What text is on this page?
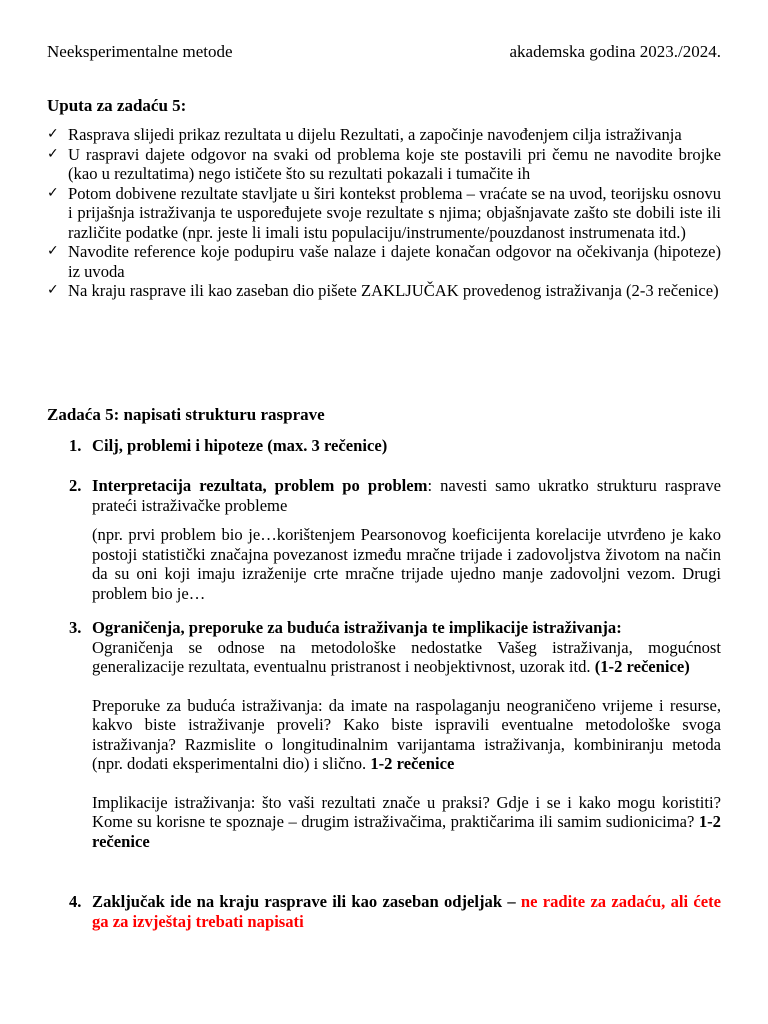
Neeksperimentalne metode	akademska godina 2023./2024.
Uputa za zadaću 5:
✓ Rasprava slijedi prikaz rezultata u dijelu Rezultati, a započinje navođenjem cilja istraživanja
✓ U raspravi dajete odgovor na svaki od problema koje ste postavili pri čemu ne navodite brojke (kao u rezultatima) nego ističete što su rezultati pokazali i tumačite ih
✓ Potom dobivene rezultate stavljate u širi kontekst problema – vraćate se na uvod, teorijsku osnovu i prijašnja istraživanja te uspoređujete svoje rezultate s njima; objašnjavate zašto ste dobili iste ili različite podatke (npr. jeste li imali istu populaciju/instrumente/pouzdanost instrumenata itd.)
✓ Navodite reference koje podupiru vaše nalaze i dajete konačan odgovor na očekivanja (hipoteze) iz uvoda
✓ Na kraju rasprave ili kao zaseban dio pišete ZAKLJUČAK provedenog istraživanja (2-3 rečenice)
Zadaća 5: napisati strukturu rasprave
1. Cilj, problemi i hipoteze (max. 3 rečenice)
2. Interpretacija rezultata, problem po problem: navesti samo ukratko strukturu rasprave prateći istraživačke probleme

(npr. prvi problem bio je…korištenjem Pearsonovog koeficijenta korelacije utvrđeno je kako postoji statistički značajna povezanost između mračne trijade i zadovoljstva životom na način da su oni koji imaju izraženije crte mračne trijade ujedno manje zadovoljni vezom. Drugi problem bio je…

3. Ograničenja, preporuke za buduća istraživanja te implikacije istraživanja:

Ograničenja se odnose na metodološke nedostatke Vašeg istraživanja, mogućnost generalizacije rezultata, eventualnu pristranost i neobjektivnost, uzorak itd. (1-2 rečenice)

Preporuke za buduća istraživanja: da imate na raspolaganju neograničeno vrijeme i resurse, kakvo biste istraživanje proveli? Kako biste ispravili eventualne metodološke svoga istraživanja? Razmislite o longitudinalnim varijantama istraživanja, kombiniranju metoda (npr. dodati eksperimentalni dio) i slično. 1-2 rečenice

Implikacije istraživanja: što vaši rezultati znače u praksi? Gdje i se i kako mogu koristiti? Kome su korisne te spoznaje – drugim istraživačima, praktičarima ili samim sudionicima? 1-2 rečenice

4. Zaključak ide na kraju rasprave ili kao zaseban odjeljak – ne radite za zadaću, ali ćete ga za izvještaj trebati napisati
